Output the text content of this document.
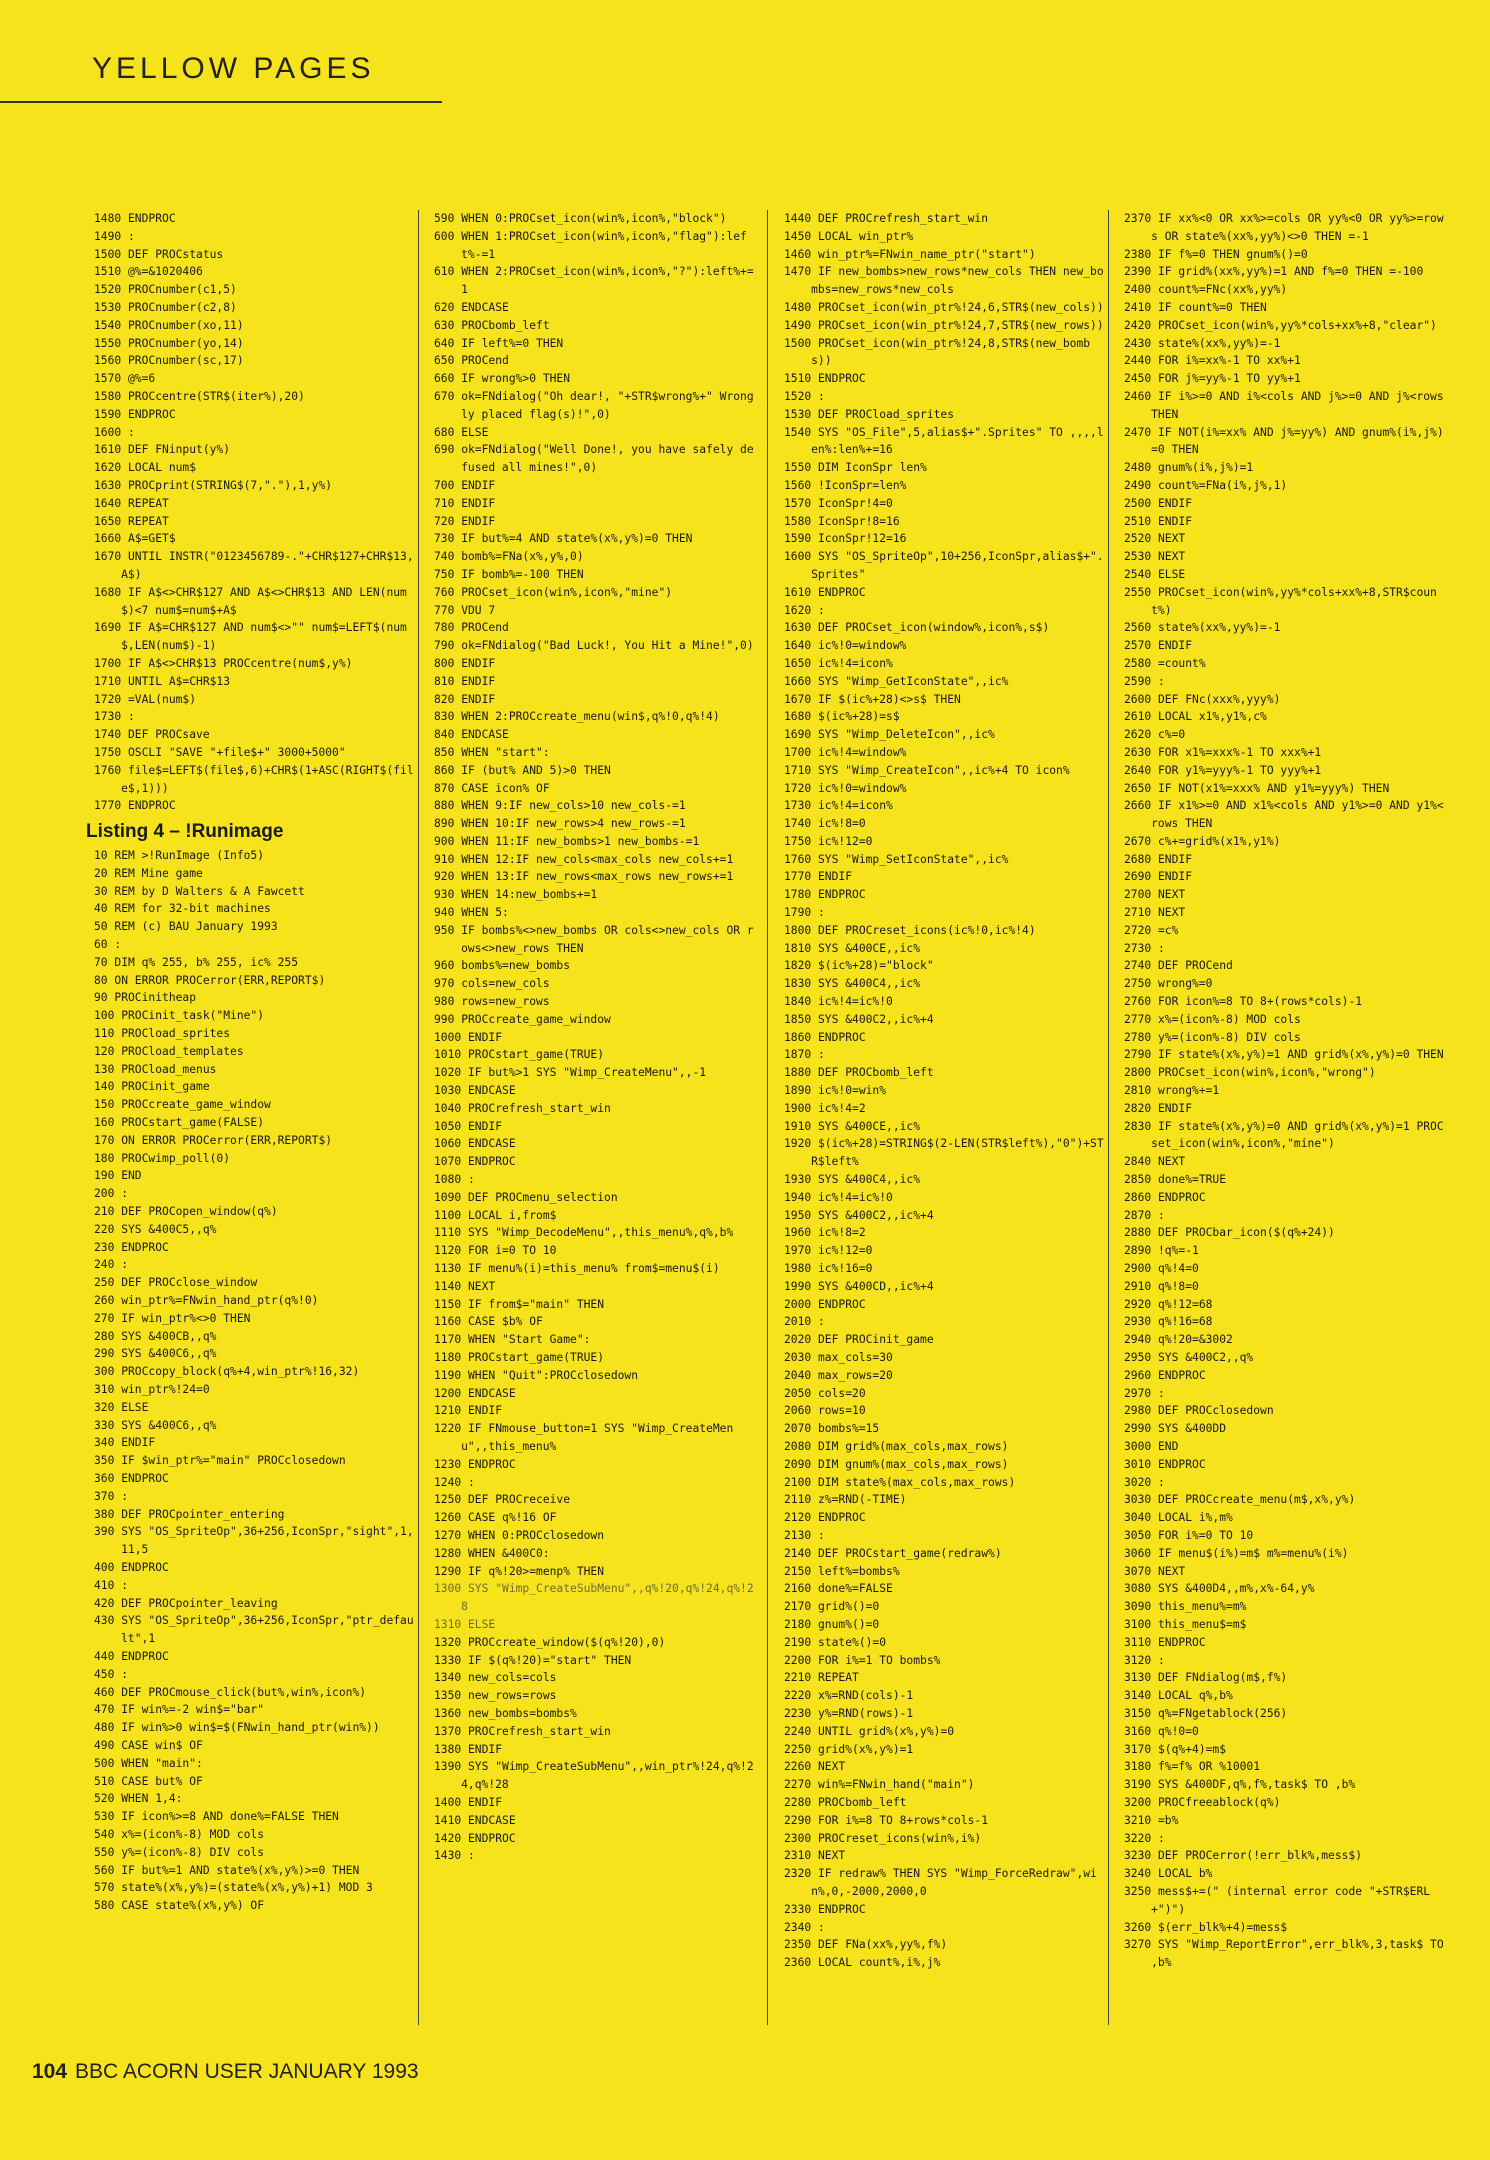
YELLOW PAGES
1480 ENDPROC
1490 :
1500 DEF PROCstatus
1510 @%=&1020406
1520 PROCnumber(c1,5)
1530 PROCnumber(c2,8)
1540 PROCnumber(xo,11)
1550 PROCnumber(yo,14)
1560 PROCnumber(sc,17)
1570 @%=6
1580 PROCcentre(STR$(iter%),20)
1590 ENDPROC
1600 :
1610 DEF FNinput(y%)
1620 LOCAL num$
1630 PROCprint(STRING$(7,"."),1,y%)
1640 REPEAT
1650 REPEAT
1660 A$=GET$
1670 UNTIL INSTR("0123456789-."+CHR$127+CHR$13,A$)
1680 IF A$<>CHR$127 AND A$<>CHR$13 AND LEN(num$)<7 num$=num$+A$
1690 IF A$=CHR$127 AND num$<>"" num$=LEFT$(num$,LEN(num$)-1)
1700 IF A$<>CHR$13 PROCcentre(num$,y%)
1710 UNTIL A$=CHR$13
1720 =VAL(num$)
1730 :
1740 DEF PROCsave
1750 OSCLI "SAVE "+file$+" 3000+5000"
1760 file$=LEFT$(file$,6)+CHR$(1+ASC(RIGHT$(file$,1)))
1770 ENDPROC
Listing 4 – !Runimage
10 REM >!RunImage (Info5)
20 REM Mine game
30 REM by D Walters & A Fawcett
40 REM for 32-bit machines
50 REM (c) BAU January 1993
60 :
70 DIM q% 255, b% 255, ic% 255
80 ON ERROR PROCerror(ERR,REPORT$)
90 PROCinitheap
100 PROCinit_task("Mine")
110 PROCload_sprites
120 PROCload_templates
130 PROCload_menus
140 PROCinit_game
150 PROCcreate_game_window
160 PROCstart_game(FALSE)
170 ON ERROR PROCerror(ERR,REPORT$)
180 PROCwimp_poll(0)
190 END
200 :
210 DEF PROCopen_window(q%)
220 SYS &400C5,,q%
230 ENDPROC
240 :
250 DEF PROCclose_window
260 win_ptr%=FNwin_hand_ptr(q%!0)
270 IF win_ptr%<>0 THEN
280 SYS &400CB,,q%
290 SYS &400C6,,q%
300 PROCcopy_block(q%+4,win_ptr%!16,32)
310 win_ptr%!24=0
320 ELSE
330 SYS &400C6,,q%
340 ENDIF
350 IF $win_ptr%="main" PROCclosedown
360 ENDPROC
370 :
380 DEF PROCpointer_entering
390 SYS "OS_SpriteOp",36+256,IconSpr,"sight",1,11,5
400 ENDPROC
410 :
420 DEF PROCpointer_leaving
430 SYS "OS_SpriteOp",36+256,IconSpr,"ptr_default",1
440 ENDPROC
450 :
460 DEF PROCmouse_click(but%,win%,icon%)
470 IF win%=-2 win$="bar"
480 IF win%>0 win$=$(FNwin_hand_ptr(win%))
490 CASE win$ OF
500 WHEN "main":
510 CASE but% OF
520 WHEN 1,4:
530 IF icon%>=8 AND done%=FALSE THEN
540 x%=(icon%-8) MOD cols
550 y%=(icon%-8) DIV cols
560 IF but%=1 AND state%(x%,y%)>=0 THEN
570 state%(x%,y%)=(state%(x%,y%)+1) MOD 3
580 CASE state%(x%,y%) OF
590 WHEN 0:PROCset_icon(win%,icon%,"block")
600 WHEN 1:PROCset_icon(win%,icon%,"flag"):left%-=1
610 WHEN 2:PROCset_icon(win%,icon%,"?"):left%+=1
620 ENDCASE
630 PROCbomb_left
640 IF left%=0 THEN
650 PROCend
660 IF wrong%>0 THEN
670 ok=FNdialog("Oh dear!, "+STR$wrong%+" Wrongly placed flag(s)!",0)
680 ELSE
690 ok=FNdialog("Well Done!, you have safely defused all mines!",0)
700 ENDIF
710 ENDIF
720 ENDIF
730 IF but%=4 AND state%(x%,y%)=0 THEN
740 bomb%=FNa(x%,y%,0)
750 IF bomb%=-100 THEN
760 PROCset_icon(win%,icon%,"mine")
770 VDU 7
780 PROCend
790 ok=FNdialog("Bad Luck!, You Hit a Mine!",0)
800 ENDIF
810 ENDIF
820 ENDIF
830 WHEN 2:PROCcreate_menu(win$,q%!0,q%!4)
840 ENDCASE
850 WHEN "start":
860 IF (but% AND 5)>0 THEN
870 CASE icon% OF
880 WHEN 9:IF new_cols>10 new_cols-=1
890 WHEN 10:IF new_rows>4 new_rows-=1
900 WHEN 11:IF new_bombs>1 new_bombs-=1
910 WHEN 12:IF new_cols<max_cols new_cols+=1
920 WHEN 13:IF new_rows<max_rows new_rows+=1
930 WHEN 14:new_bombs+=1
940 WHEN 5:
950 IF bombs%<>new_bombs OR cols<>new_cols OR rows<>new_rows THEN
960 bombs%=new_bombs
970 cols=new_cols
980 rows=new_rows
990 PROCcreate_game_window
1000 ENDIF
1010 PROCstart_game(TRUE)
1020 IF but%>1 SYS "Wimp_CreateMenu",,-1
1030 ENDCASE
1040 PROCrefresh_start_win
1050 ENDIF
1060 ENDCASE
1070 ENDPROC
1080 :
1090 DEF PROCmenu_selection
1100 LOCAL i,from$
1110 SYS "Wimp_DecodeMenu",,this_menu%,q%,b%
1120 FOR i=0 TO 10
1130 IF menu%(i)=this_menu% from$=menu$(i)
1140 NEXT
1150 IF from$="main" THEN
1160 CASE $b% OF
1170 WHEN "Start Game":
1180 PROCstart_game(TRUE)
1190 WHEN "Quit":PROCclosedown
1200 ENDCASE
1210 ENDIF
1220 IF FNmouse_button=1 SYS "Wimp_CreateMenu",,this_menu%
1230 ENDPROC
1240 :
1250 DEF PROCreceive
1260 CASE q%!16 OF
1270 WHEN 0:PROCclosedown
1280 WHEN &400C0:
1290 IF q%!20>=menp% THEN
1300 SYS "Wimp_CreateSubMenu",,q%!20,q%!24,q%!28
1310 ELSE
1320 PROCcreate_window($(q%!20),0)
1330 IF $(q%!20)="start" THEN
1340 new_cols=cols
1350 new_rows=rows
1360 new_bombs=bombs%
1370 PROCrefresh_start_win
1380 ENDIF
1390 SYS "Wimp_CreateSubMenu",,win_ptr%!24,q%!24,q%!28
1400 ENDIF
1410 ENDCASE
1420 ENDPROC
1430 :
1440 DEF PROCrefresh_start_win
1450 LOCAL win_ptr%
1460 win_ptr%=FNwin_name_ptr("start")
1470 IF new_bombs>new_rows*new_cols THEN new_bombs=new_rows*new_cols
1480 PROCset_icon(win_ptr%!24,6,STR$(new_cols))
1490 PROCset_icon(win_ptr%!24,7,STR$(new_rows))
1500 PROCset_icon(win_ptr%!24,8,STR$(new_bombs))
1510 ENDPROC
1520 :
1530 DEF PROCload_sprites
1540 SYS "OS_File",5,alias$+".Sprites" TO ,,,,len%:len%+=16
1550 DIM IconSpr len%
1560 !IconSpr=len%
1570 IconSpr!4=0
1580 IconSpr!8=16
1590 IconSpr!12=16
1600 SYS "OS_SpriteOp",10+256,IconSpr,alias$+".Sprites"
1610 ENDPROC
1620 :
1630 DEF PROCset_icon(window%,icon%,s$)
1640 ic%!0=window%
1650 ic%!4=icon%
1660 SYS "Wimp_GetIconState",,ic%
1670 IF $(ic%+28)<>s$ THEN
1680 $(ic%+28)=s$
1690 SYS "Wimp_DeleteIcon",,ic%
1700 ic%!4=window%
1710 SYS "Wimp_CreateIcon",,ic%+4 TO icon%
1720 ic%!0=window%
1730 ic%!4=icon%
1740 ic%!8=0
1750 ic%!12=0
1760 SYS "Wimp_SetIconState",,ic%
1770 ENDIF
1780 ENDPROC
1790 :
1800 DEF PROCreset_icons(ic%!0,ic%!4)
1810 SYS &400CE,,ic%
1820 $(ic%+28)="block"
1830 SYS &400C4,,ic%
1840 ic%!4=ic%!0
1850 SYS &400C2,,ic%+4
1860 ENDPROC
1870 :
1880 DEF PROCbomb_left
1890 ic%!0=win%
1900 ic%!4=2
1910 SYS &400CE,,ic%
1920 $(ic%+28)=STRING$(2-LEN(STR$left%),"0")+STR$left%
1930 SYS &400C4,,ic%
1940 ic%!4=ic%!0
1950 SYS &400C2,,ic%+4
1960 ic%!8=2
1970 ic%!12=0
1980 ic%!16=0
1990 SYS &400CD,,ic%+4
2000 ENDPROC
2010 :
2020 DEF PROCinit_game
2030 max_cols=30
2040 max_rows=20
2050 cols=20
2060 rows=10
2070 bombs%=15
2080 DIM grid%(max_cols,max_rows)
2090 DIM gnum%(max_cols,max_rows)
2100 DIM state%(max_cols,max_rows)
2110 z%=RND(-TIME)
2120 ENDPROC
2130 :
2140 DEF PROCstart_game(redraw%)
2150 left%=bombs%
2160 done%=FALSE
2170 grid%()=0
2180 gnum%()=0
2190 state%()=0
2200 FOR i%=1 TO bombs%
2210 REPEAT
2220 x%=RND(cols)-1
2230 y%=RND(rows)-1
2240 UNTIL grid%(x%,y%)=0
2250 grid%(x%,y%)=1
2260 NEXT
2270 win%=FNwin_hand("main")
2280 PROCbomb_left
2290 FOR i%=8 TO 8+rows*cols-1
2300 PROCreset_icons(win%,i%)
2310 NEXT
2320 IF redraw% THEN SYS "Wimp_ForceRedraw",win%,0,-2000,2000,0
2330 ENDPROC
2340 :
2350 DEF FNa(xx%,yy%,f%)
2360 LOCAL count%,i%,j%
2370 IF xx%<0 OR xx%>=cols OR yy%<0 OR yy%>=rows OR state%(xx%,yy%)<>0 THEN =-1
2380 IF f%=0 THEN gnum%()=0
2390 IF grid%(xx%,yy%)=1 AND f%=0 THEN =-100
2400 count%=FNc(xx%,yy%)
2410 IF count%=0 THEN
2420 PROCset_icon(win%,yy%*cols+xx%+8,"clear")
2430 state%(xx%,yy%)=-1
2440 FOR i%=xx%-1 TO xx%+1
2450 FOR j%=yy%-1 TO yy%+1
2460 IF i%>=0 AND i%<cols AND j%>=0 AND j%<rows THEN
2470 IF NOT(i%=xx% AND j%=yy%) AND gnum%(i%,j%)=0 THEN
2480 gnum%(i%,j%)=1
2490 count%=FNa(i%,j%,1)
2500 ENDIF
2510 ENDIF
2520 NEXT
2530 NEXT
2540 ELSE
2550 PROCset_icon(win%,yy%*cols+xx%+8,STR$count%)
2560 state%(xx%,yy%)=-1
2570 ENDIF
2580 =count%
2590 :
2600 DEF FNc(xxx%,yyy%)
2610 LOCAL x1%,y1%,c%
2620 c%=0
2630 FOR x1%=xxx%-1 TO xxx%+1
2640 FOR y1%=yyy%-1 TO yyy%+1
2650 IF NOT(x1%=xxx% AND y1%=yyy%) THEN
2660 IF x1%>=0 AND x1%<cols AND y1%>=0 AND y1%<rows THEN
2670 c%+=grid%(x1%,y1%)
2680 ENDIF
2690 ENDIF
2700 NEXT
2710 NEXT
2720 =c%
2730 :
2740 DEF PROCend
2750 wrong%=0
2760 FOR icon%=8 TO 8+(rows*cols)-1
2770 x%=(icon%-8) MOD cols
2780 y%=(icon%-8) DIV cols
2790 IF state%(x%,y%)=1 AND grid%(x%,y%)=0 THEN
2800 PROCset_icon(win%,icon%,"wrong")
2810 wrong%+=1
2820 ENDIF
2830 IF state%(x%,y%)=0 AND grid%(x%,y%)=1 PROCset_icon(win%,icon%,"mine")
2840 NEXT
2850 done%=TRUE
2860 ENDPROC
2870 :
2880 DEF PROCbar_icon($(q%+24))
2890 !q%=-1
2900 q%!4=0
2910 q%!8=0
2920 q%!12=68
2930 q%!16=68
2940 q%!20=&3002
2950 SYS &400C2,,q%
2960 ENDPROC
2970 :
2980 DEF PROCclosedown
2990 SYS &400DD
3000 END
3010 ENDPROC
3020 :
3030 DEF PROCcreate_menu(m$,x%,y%)
3040 LOCAL i%,m%
3050 FOR i%=0 TO 10
3060 IF menu$(i%)=m$ m%=menu%(i%)
3070 NEXT
3080 SYS &400D4,,m%,x%-64,y%
3090 this_menu%=m%
3100 this_menu$=m$
3110 ENDPROC
3120 :
3130 DEF FNdialog(m$,f%)
3140 LOCAL q%,b%
3150 q%=FNgetablock(256)
3160 q%!0=0
3170 $(q%+4)=m$
3180 f%=f% OR %10001
3190 SYS &400DF,q%,f%,task$ TO ,b%
3200 PROCfreeablock(q%)
3210 =b%
3220 :
3230 DEF PROCerror(!err_blk%,mess$)
3240 LOCAL b%
3250 mess$+=(" (internal error code "+STR$ERL+")")
3260 $(err_blk%+4)=mess$
3270 SYS "Wimp_ReportError",err_blk%,3,task$ TO ,b%
104 BBC ACORN USER JANUARY 1993
